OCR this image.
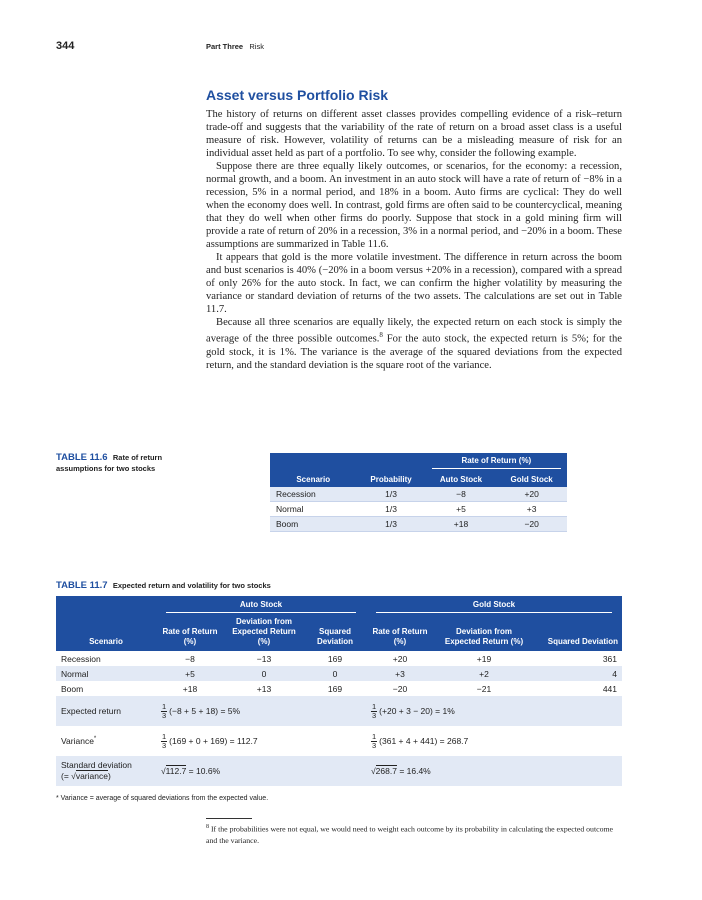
344	Part Three Risk
Asset versus Portfolio Risk

The history of returns on different asset classes provides compelling evidence of a risk–return trade-off and suggests that the variability of the rate of return on a broad asset class is a useful measure of risk. However, volatility of returns can be a misleading measure of risk for an individual asset held as part of a portfolio. To see why, consider the following example.

Suppose there are three equally likely outcomes, or scenarios, for the economy: a recession, normal growth, and a boom. An investment in an auto stock will have a rate of return of −8% in a recession, 5% in a normal period, and 18% in a boom. Auto firms are cyclical: They do well when the economy does well. In contrast, gold firms are often said to be countercyclical, meaning that they do well when other firms do poorly. Suppose that stock in a gold mining firm will provide a rate of return of 20% in a recession, 3% in a normal period, and −20% in a boom. These assumptions are summarized in Table 11.6.

It appears that gold is the more volatile investment. The difference in return across the boom and bust scenarios is 40% (−20% in a boom versus +20% in a recession), compared with a spread of only 26% for the auto stock. In fact, we can confirm the higher volatility by measuring the variance or standard deviation of returns of the two assets. The calculations are set out in Table 11.7.

Because all three scenarios are equally likely, the expected return on each stock is simply the average of the three possible outcomes.$^8$ For the auto stock, the expected return is 5%; for the gold stock, it is 1%. The variance is the average of the squared deviations from the expected return, and the standard deviation is the square root of the variance.

TABLE 11.6 Rate of return assumptions for two stocks

		Rate of Return (%)	

Scenario	Probability	Auto Stock	Gold Stock
Recession	1/3	−8	+20
Normal	1/3	+5	+3
Boom	1/3	+18	−20
TABLE 11.7 Expected return and volatility for two stocks
	Auto Stock			Gold Stock		
Scenario	Rate of Return (%)	Deviation from Expected Return (%)	Squared Deviation	Rate of Return (%)	Deviation from Expected Return (%)	Squared Deviation
Recession	−8	−13	169	+20	+19	361
Normal	+5	0	0	+3	+2	4
Boom	+18	+13	169	−20	−21	441
Expected return	$\frac{1}{3} (-8 + 5 + 18) = 5\%$			$\frac{1}{3} (+20 + 3 - 20) = 1\%$		
Variance*	$\frac{1}{3} (169 + 0 + 169) = 112.7$			$\frac{1}{3} (361 + 4 + 441) = 268.7$		
Standard deviation
(= √variance)	√112.7 = 10.6%			√268.7 = 16.4%		
* Variance = average of squared deviations from the expected value.
$^8$ If the probabilities were not equal, we would need to weight each outcome by its probability in calculating the expected outcome and the variance.
